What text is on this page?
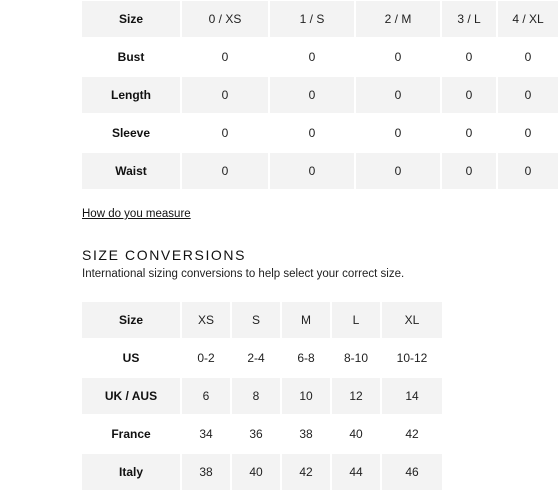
Size	0 / XS	1 / S	2 / M	3 / L	4 / XL
Bust	0	0	0	0	0
Length	0	0	0	0	0
Sleeve	0	0	0	0	0
Waist	0	0	0	0	0
Size	XS	S	M	L	XL
US	0-2	2-4	6-8	8-10	10-12
UK / AUS	6	8	10	12	14
France	34	36	38	40	42
Italy	38	40	42	44	46
How do you measure
SIZE CONVERSIONS
International sizing conversions to help select your correct size.
